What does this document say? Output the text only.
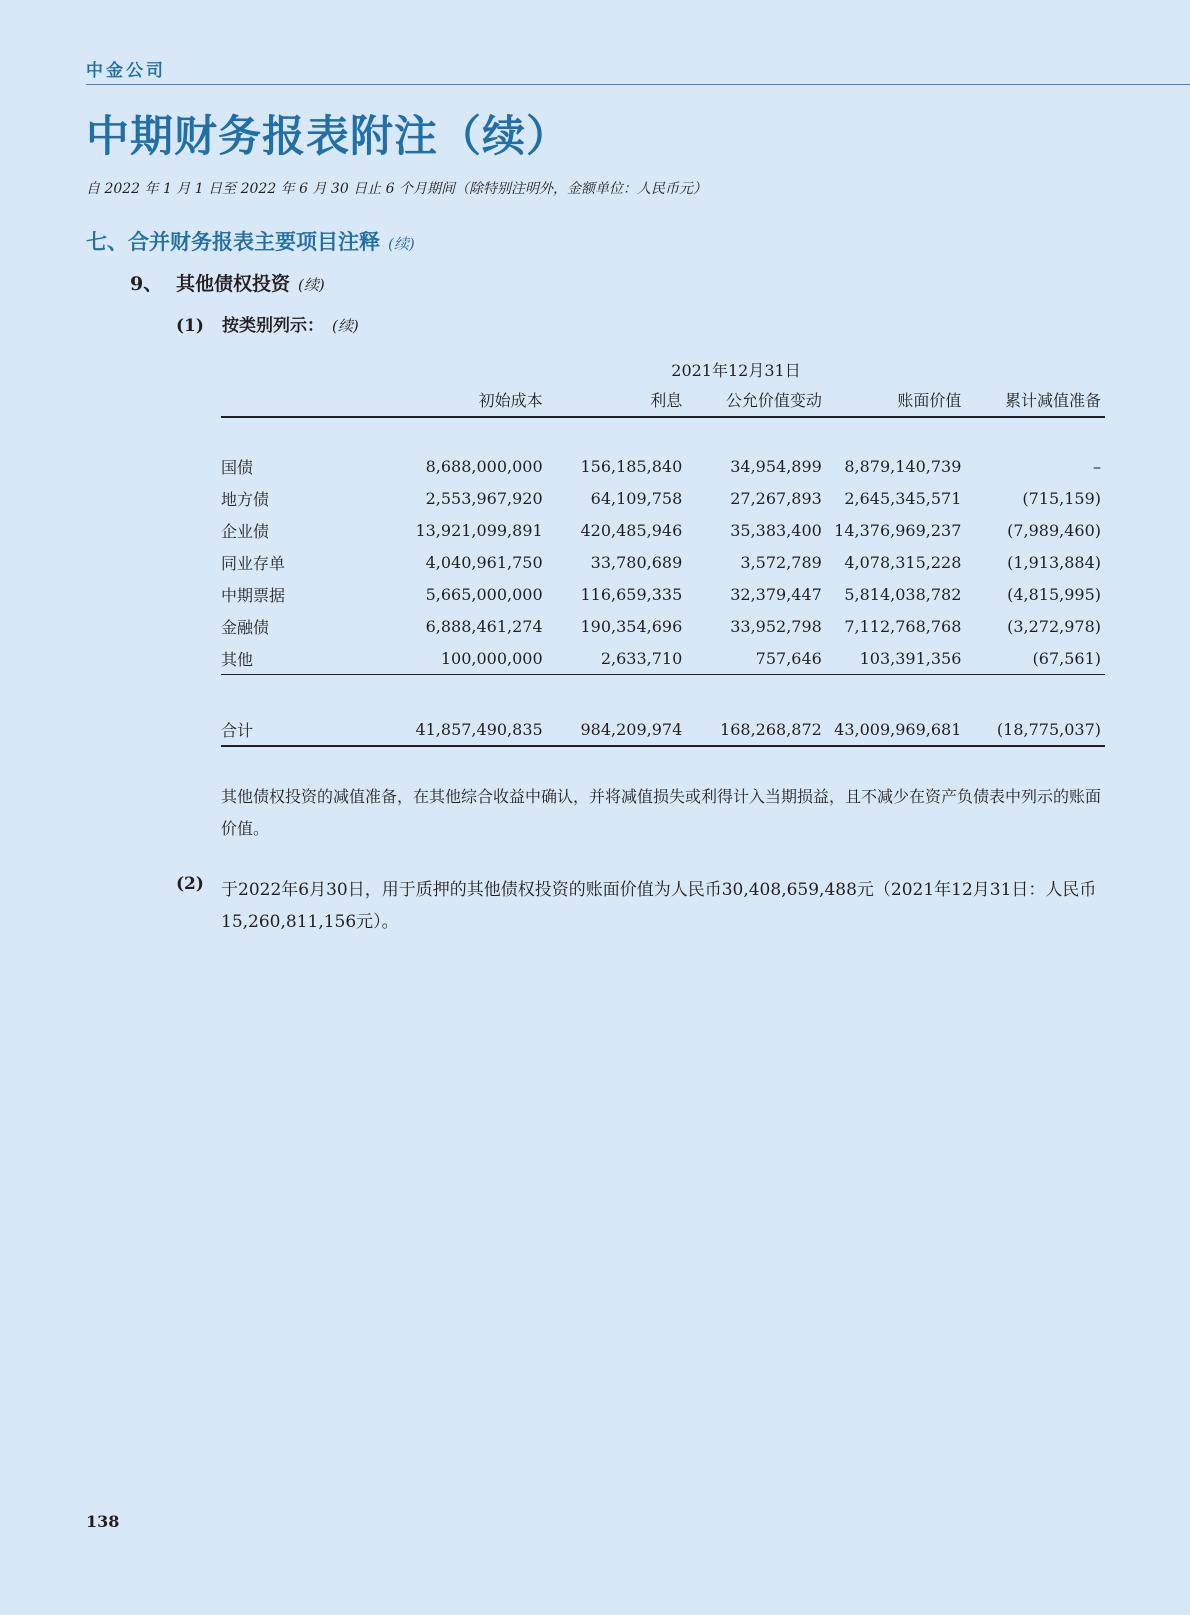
中金公司
中期财务报表附注（续）
自 2022 年 1 月 1 日至 2022 年 6 月 30 日止 6 个月期间（除特别注明外，金额单位：人民币元）
七、合并财务报表主要项目注释 (续)
9、 其他债权投资 (续)
(1) 按类别列示： (续)
2021年12月31日					
	初始成本	利息	公允价值变动	账面价值	累计减值准备

国债	8,688,000,000	156,185,840	34,954,899	8,879,140,739	–
地方债	2,553,967,920	64,109,758	27,267,893	2,645,345,571	(715,159)
企业债	13,921,099,891	420,485,946	35,383,400	14,376,969,237	(7,989,460)
同业存单	4,040,961,750	33,780,689	3,572,789	4,078,315,228	(1,913,884)
中期票据	5,665,000,000	116,659,335	32,379,447	5,814,038,782	(4,815,995)
金融债	6,888,461,274	190,354,696	33,952,798	7,112,768,768	(3,272,978)
其他	100,000,000	2,633,710	757,646	103,391,356	(67,561)

合计	41,857,490,835	984,209,974	168,268,872	43,009,969,681	(18,775,037)
其他债权投资的减值准备，在其他综合收益中确认，并将减值损失或利得计入当期损益，且不减少在资产负债表中列示的账面价值。
(2) 于2022年6月30日，用于质押的其他债权投资的账面价值为人民币30,408,659,488元（2021年12月31日：人民币15,260,811,156元）。
138
